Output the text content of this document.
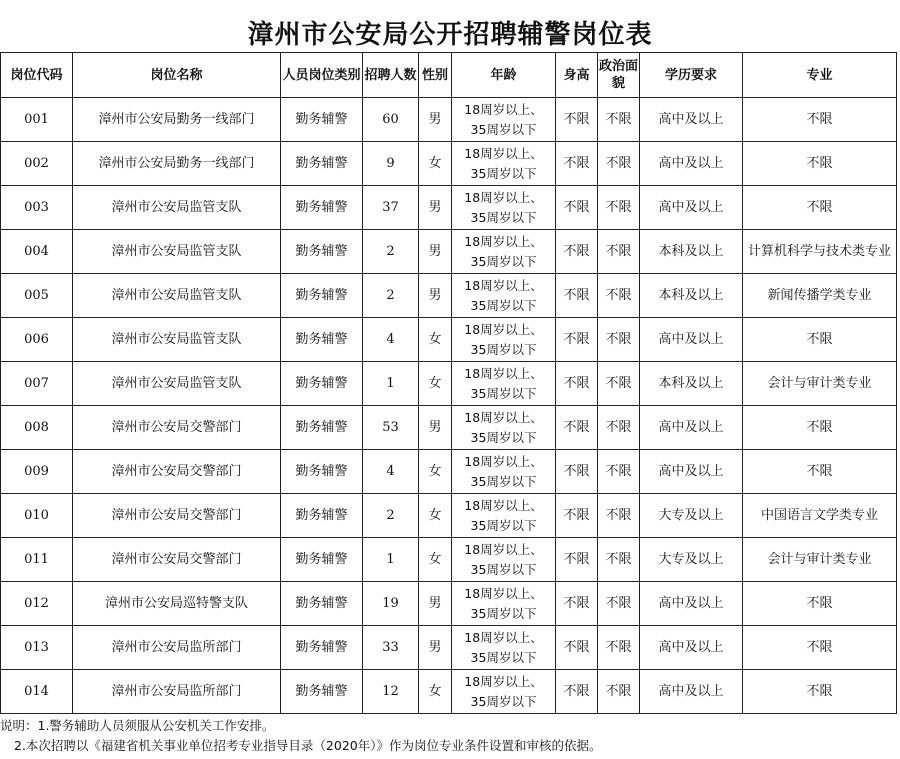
漳州市公安局公开招聘辅警岗位表
岗位代码	岗位名称	人员岗位类别	招聘人数	性别	年龄	身高	政治面貌	学历要求	专业
001	漳州市公安局勤务一线部门	勤务辅警	60	男	18周岁以上、
35周岁以下	不限	不限	高中及以上	不限
002	漳州市公安局勤务一线部门	勤务辅警	9	女	18周岁以上、
35周岁以下	不限	不限	高中及以上	不限
003	漳州市公安局监管支队	勤务辅警	37	男	18周岁以上、
35周岁以下	不限	不限	高中及以上	不限
004	漳州市公安局监管支队	勤务辅警	2	男	18周岁以上、
35周岁以下	不限	不限	本科及以上	计算机科学与技术类专业
005	漳州市公安局监管支队	勤务辅警	2	男	18周岁以上、
35周岁以下	不限	不限	本科及以上	新闻传播学类专业
006	漳州市公安局监管支队	勤务辅警	4	女	18周岁以上、
35周岁以下	不限	不限	高中及以上	不限
007	漳州市公安局监管支队	勤务辅警	1	女	18周岁以上、
35周岁以下	不限	不限	本科及以上	会计与审计类专业
008	漳州市公安局交警部门	勤务辅警	53	男	18周岁以上、
35周岁以下	不限	不限	高中及以上	不限
009	漳州市公安局交警部门	勤务辅警	4	女	18周岁以上、
35周岁以下	不限	不限	高中及以上	不限
010	漳州市公安局交警部门	勤务辅警	2	女	18周岁以上、
35周岁以下	不限	不限	大专及以上	中国语言文学类专业
011	漳州市公安局交警部门	勤务辅警	1	女	18周岁以上、
35周岁以下	不限	不限	大专及以上	会计与审计类专业
012	漳州市公安局巡特警支队	勤务辅警	19	男	18周岁以上、
35周岁以下	不限	不限	高中及以上	不限
013	漳州市公安局监所部门	勤务辅警	33	男	18周岁以上、
35周岁以下	不限	不限	高中及以上	不限
014	漳州市公安局监所部门	勤务辅警	12	女	18周岁以上、
35周岁以下	不限	不限	高中及以上	不限
说明：1.警务辅助人员须服从公安机关工作安排。
2.本次招聘以《福建省机关事业单位招考专业指导目录（2020年）》作为岗位专业条件设置和审核的依据。
